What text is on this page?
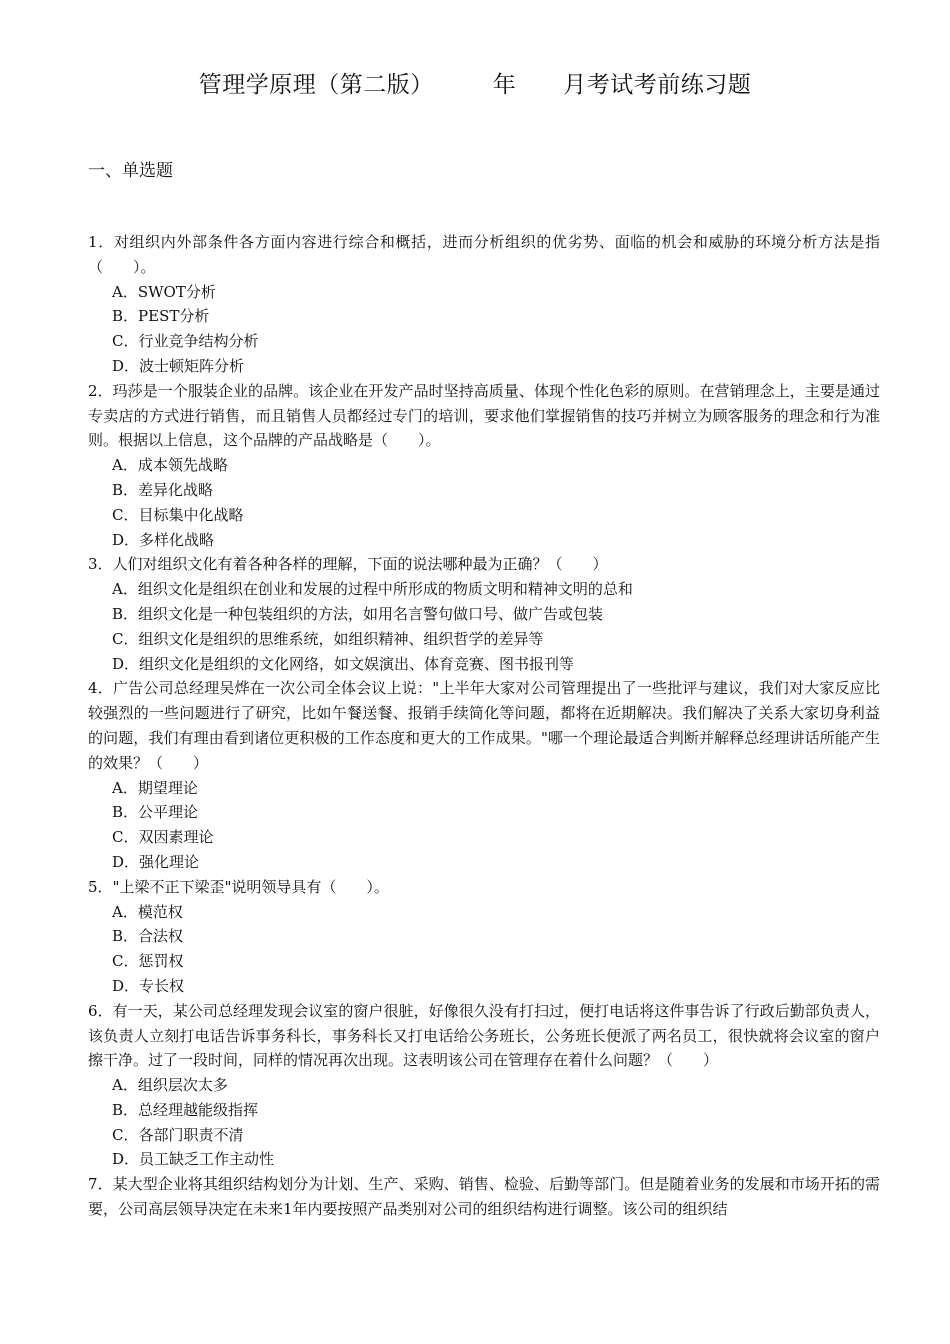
管理学原理（第二版）　　　年　　月考试考前练习题
一、单选题

1．对组织内外部条件各方面内容进行综合和概括，进而分析组织的优劣势、面临的机会和威胁的环境分析方法是指（　　）。

A．SWOT分析
B．PEST分析
C．行业竞争结构分析
D．波士顿矩阵分析

2．玛莎是一个服装企业的品牌。该企业在开发产品时坚持高质量、体现个性化色彩的原则。在营销理念上，主要是通过专卖店的方式进行销售，而且销售人员都经过专门的培训，要求他们掌握销售的技巧并树立为顾客服务的理念和行为准则。根据以上信息，这个品牌的产品战略是（　　）。

A．成本领先战略
B．差异化战略
C．目标集中化战略
D．多样化战略

3．人们对组织文化有着各种各样的理解，下面的说法哪种最为正确？（　　）

A．组织文化是组织在创业和发展的过程中所形成的物质文明和精神文明的总和
B．组织文化是一种包装组织的方法，如用名言警句做口号、做广告或包装
C．组织文化是组织的思维系统，如组织精神、组织哲学的差异等
D．组织文化是组织的文化网络，如文娱演出、体育竞赛、图书报刊等

4．广告公司总经理吴烨在一次公司全体会议上说："上半年大家对公司管理提出了一些批评与建议，我们对大家反应比较强烈的一些问题进行了研究，比如午餐送餐、报销手续简化等问题，都将在近期解决。我们解决了关系大家切身利益的问题，我们有理由看到诸位更积极的工作态度和更大的工作成果。"哪一个理论最适合判断并解释总经理讲话所能产生的效果？（　　）

A．期望理论
B．公平理论
C．双因素理论
D．强化理论

5．"上梁不正下梁歪"说明领导具有（　　）。

A．模范权
B．合法权
C．惩罚权
D．专长权

6．有一天，某公司总经理发现会议室的窗户很脏，好像很久没有打扫过，便打电话将这件事告诉了行政后勤部负责人，该负责人立刻打电话告诉事务科长，事务科长又打电话给公务班长，公务班长便派了两名员工，很快就将会议室的窗户擦干净。过了一段时间，同样的情况再次出现。这表明该公司在管理存在着什么问题？（　　）

A．组织层次太多
B．总经理越能级指挥
C．各部门职责不清
D．员工缺乏工作主动性

7．某大型企业将其组织结构划分为计划、生产、采购、销售、检验、后勤等部门。但是随着业务的发展和市场开拓的需要，公司高层领导决定在未来1年内要按照产品类别对公司的组织结构进行调整。该公司的组织结
